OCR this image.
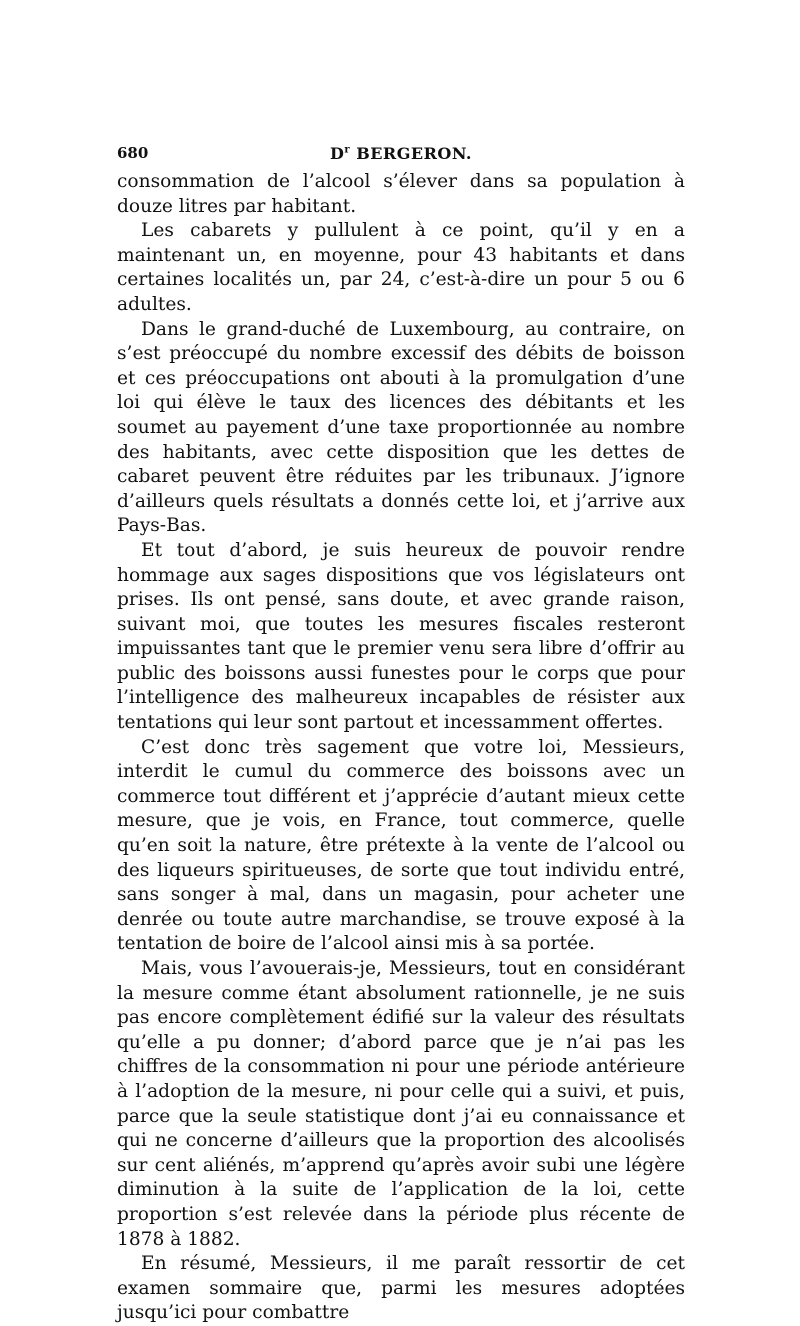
680	$D^r$ BERGERON.

consommation de l’alcool s’élever dans sa population à douze litres par habitant.

Les cabarets y pullulent à ce point, qu’il y en a maintenant un, en moyenne, pour 43 habitants et dans certaines localités un, par 24, c’est-à-dire un pour 5 ou 6 adultes.

Dans le grand-duché de Luxembourg, au contraire, on s’est préoccupé du nombre excessif des débits de boisson et ces préoccupations ont abouti à la promulgation d’une loi qui élève le taux des licences des débitants et les soumet au payement d’une taxe proportionnée au nombre des habitants, avec cette disposition que les dettes de cabaret peuvent être réduites par les tribunaux. J’ignore d’ailleurs quels résultats a donnés cette loi, et j’arrive aux Pays-Bas.

Et tout d’abord, je suis heureux de pouvoir rendre hommage aux sages dispositions que vos législateurs ont prises. Ils ont pensé, sans doute, et avec grande raison, suivant moi, que toutes les mesures fiscales resteront impuissantes tant que le premier venu sera libre d’offrir au public des boissons aussi funestes pour le corps que pour l’intelligence des malheureux incapables de résister aux tentations qui leur sont partout et incessamment offertes.

C’est donc très sagement que votre loi, Messieurs, interdit le cumul du commerce des boissons avec un commerce tout différent et j’apprécie d’autant mieux cette mesure, que je vois, en France, tout commerce, quelle qu’en soit la nature, être prétexte à la vente de l’alcool ou des liqueurs spiritueuses, de sorte que tout individu entré, sans songer à mal, dans un magasin, pour acheter une denrée ou toute autre marchandise, se trouve exposé à la tentation de boire de l’alcool ainsi mis à sa portée.

Mais, vous l’avouerais-je, Messieurs, tout en considérant la mesure comme étant absolument rationnelle, je ne suis pas encore complètement édifié sur la valeur des résultats qu’elle a pu donner; d’abord parce que je n’ai pas les chiffres de la consommation ni pour une période antérieure à l’adoption de la mesure, ni pour celle qui a suivi, et puis, parce que la seule statistique dont j’ai eu connaissance et qui ne concerne d’ailleurs que la proportion des alcoolisés sur cent aliénés, m’apprend qu’après avoir subi une légère diminution à la suite de l’application de la loi, cette proportion s’est relevée dans la période plus récente de 1878 à 1882.

En résumé, Messieurs, il me paraît ressortir de cet examen sommaire que, parmi les mesures adoptées jusqu’ici pour combattre
